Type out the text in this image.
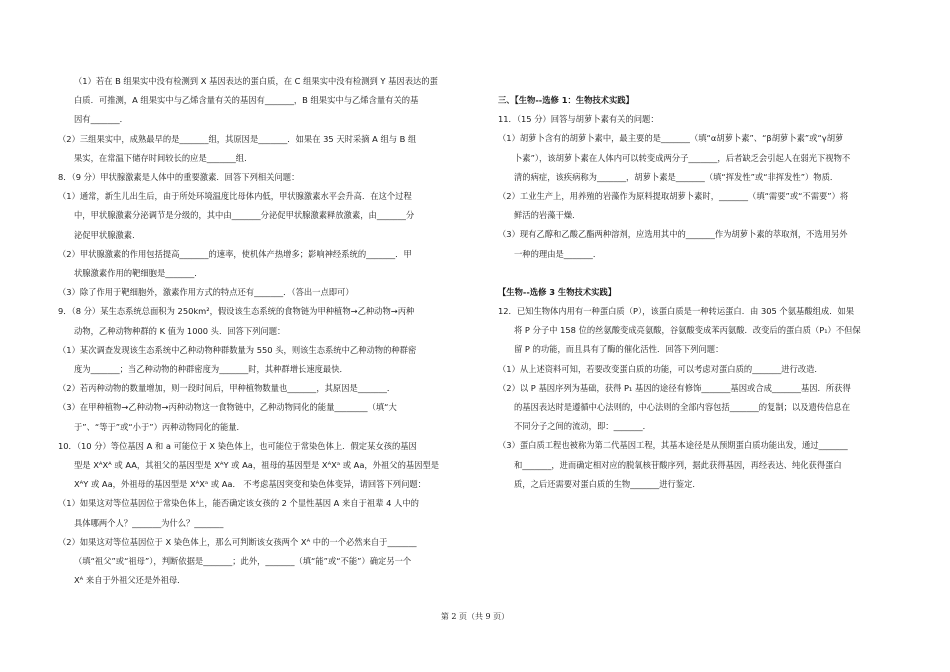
（1）若在 B 组果实中没有检测到 X 基因表达的蛋白质，在 C 组果实中没有检测到 Y 基因表达的蛋

白质．可推测，A 组果实中与乙烯含量有关的基因有_______，B 组果实中与乙烯含量有关的基

因有_______．

（2）三组果实中，成熟最早的是_______组，其原因是_______．如果在 35 天时采摘 A 组与 B 组

果实，在常温下储存时间较长的应是_______组．

8．（9 分）甲状腺激素是人体中的重要激素．回答下列相关问题：

（1）通常，新生儿出生后，由于所处环境温度比母体内低，甲状腺激素水平会升高．在这个过程

中，甲状腺激素分泌调节是分级的，其中由_______分泌促甲状腺激素释放激素，由_______分

泌促甲状腺激素．

（2）甲状腺激素的作用包括提高_______的速率，使机体产热增多；影响神经系统的_______．甲

状腺激素作用的靶细胞是_______．

（3）除了作用于靶细胞外，激素作用方式的特点还有_______．（答出一点即可）

9．（8 分）某生态系统总面积为 250km²，假设该生态系统的食物链为甲种植物→乙种动物→丙种

动物，乙种动物种群的 K 值为 1000 头．回答下列问题：

（1）某次调查发现该生态系统中乙种动物种群数量为 550 头，则该生态系统中乙种动物的种群密

度为_______；当乙种动物的种群密度为_______时，其种群增长速度最快．

（2）若丙种动物的数量增加，则一段时间后，甲种植物数量也_______，其原因是_______．

（3）在甲种植物→乙种动物→丙种动物这一食物链中，乙种动物同化的能量________（填“大

于”、“等于”或“小于”）丙种动物同化的能量．

10．（10 分）等位基因 A 和 a 可能位于 X 染色体上，也可能位于常染色体上．假定某女孩的基因

型是 XᴬXᴬ 或 AA，其祖父的基因型是 XᴬY 或 Aa，祖母的基因型是 XᴬXᵃ 或 Aa，外祖父的基因型是

XᴬY 或 Aa，外祖母的基因型是 XᴬXᵃ 或 Aa． 不考虑基因突变和染色体变异，请回答下列问题：

（1）如果这对等位基因位于常染色体上，能否确定该女孩的 2 个显性基因 A 来自于祖辈 4 人中的

具体哪两个人？_______为什么？_______

（2）如果这对等位基因位于 X 染色体上，那么可判断该女孩两个 Xᴬ 中的一个必然来自于_______

（填“祖父”或“祖母”），判断依据是_______；此外，_______（填“能”或“不能”）确定另一个

Xᴬ 来自于外祖父还是外祖母．

三、【生物--选修 1：生物技术实践】

11．（15 分）回答与胡萝卜素有关的问题：

（1）胡萝卜含有的胡萝卜素中，最主要的是_______（填“α胡萝卜素”、“β胡萝卜素”或“γ胡萝

卜素”），该胡萝卜素在人体内可以转变成两分子_______，后者缺乏会引起人在弱光下视物不

清的病症，该疾病称为_______，胡萝卜素是_______（填“挥发性”或“非挥发性”）物质．

（2）工业生产上，用养殖的岩藻作为原料提取胡萝卜素时，_______（填“需要”或“不需要”）将

鲜活的岩藻干燥．

（3）现有乙醇和乙酸乙酯两种溶剂，应选用其中的_______作为胡萝卜素的萃取剂，不选用另外

一种的理由是_______．

【生物--选修 3 生物技术实践】

12．已知生物体内用有一种蛋白质（P），该蛋白质是一种转运蛋白．由 305 个氨基酸组成．如果

将 P 分子中 158 位的丝氨酸变成亮氨酸，谷氨酸变成苯丙氨酸．改变后的蛋白质（P₁）不但保

留 P 的功能，而且具有了酶的催化活性．回答下列问题：

（1）从上述资料可知，若要改变蛋白质的功能，可以考虑对蛋白质的_______进行改造．

（2）以 P 基因序列为基础，获得 P₁ 基因的途径有修饰_______基因或合成_______基因．所获得

的基因表达时是遵循中心法则的，中心法则的全部内容包括_______的复制；以及遗传信息在

不同分子之间的流动，即：_______．

（3）蛋白质工程也被称为第二代基因工程，其基本途径是从预期蛋白质功能出发，通过_______

和_______，进而确定相对应的脱氧核苷酸序列，据此获得基因，再经表达、纯化获得蛋白

质，之后还需要对蛋白质的生物_______进行鉴定．

第 2 页（共 9 页）
